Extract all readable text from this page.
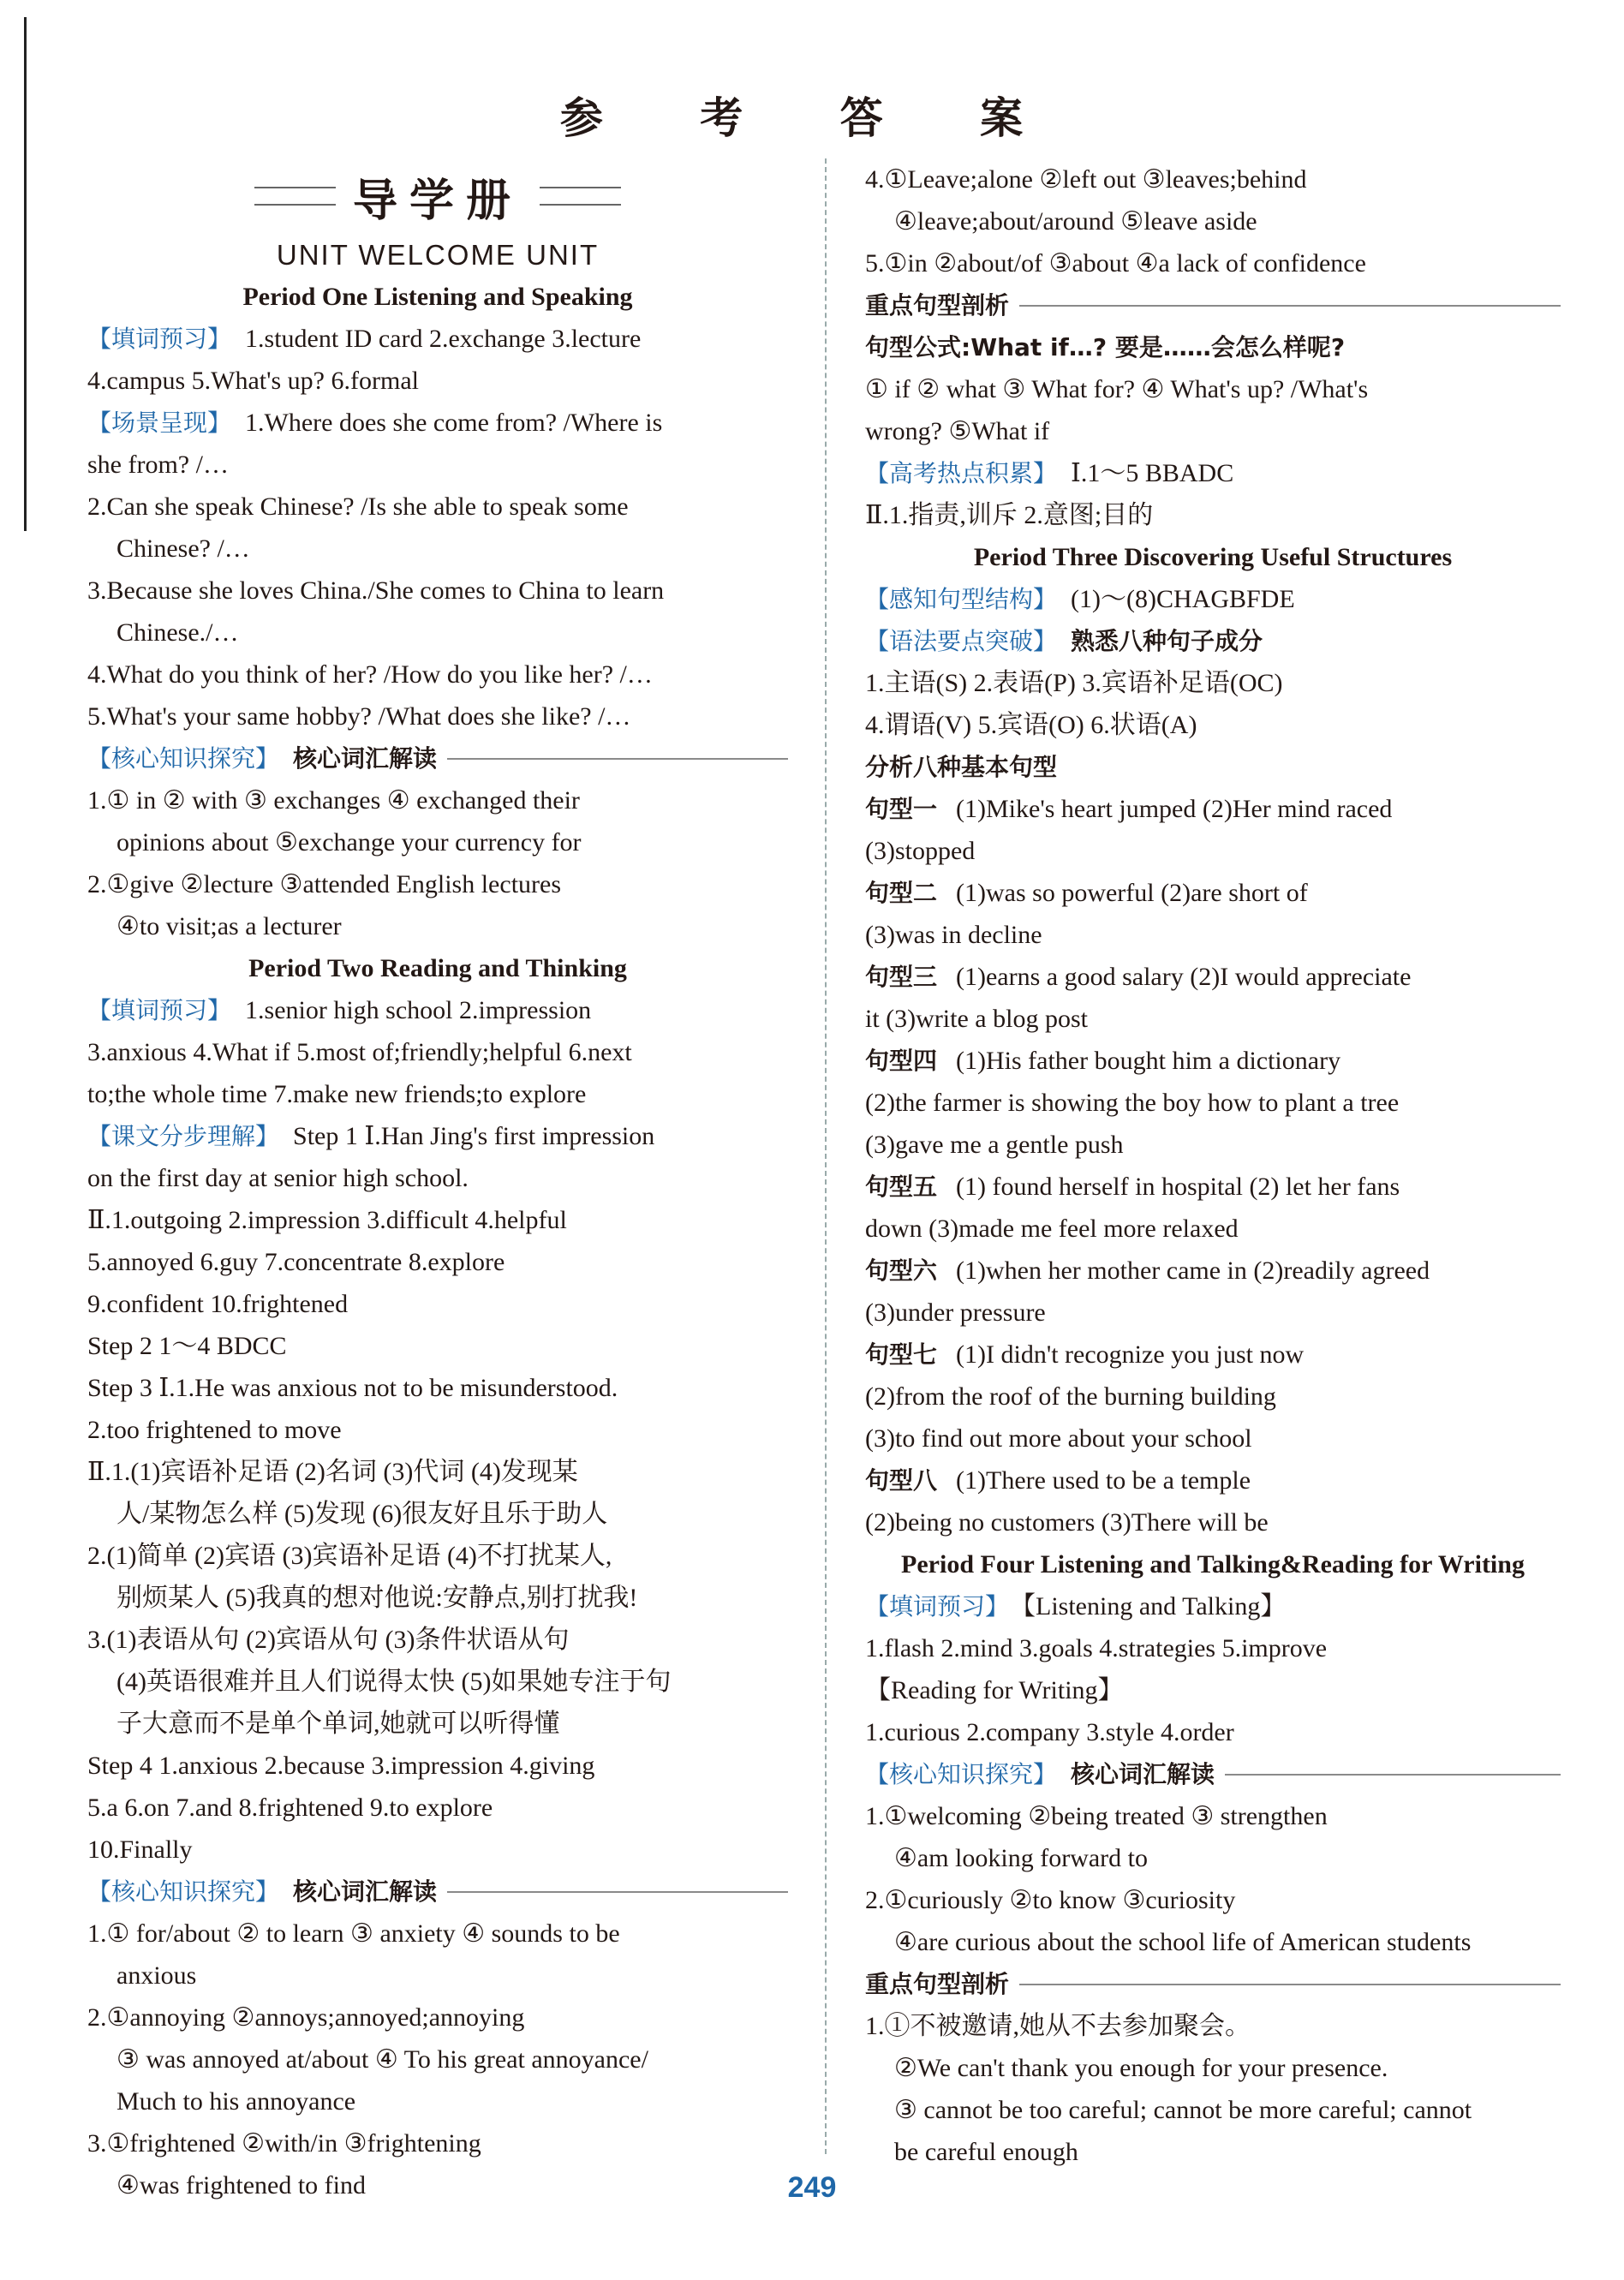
参 考 答 案
导学册
UNIT WELCOME UNIT
Period One Listening and Speaking
【填词预习】 1.student ID card 2.exchange 3.lecture
4.campus 5.What's up? 6.formal
【场景呈现】 1.Where does she come from? /Where is
she from? /…
2.Can she speak Chinese? /Is she able to speak some
Chinese? /…
3.Because she loves China./She comes to China to learn
Chinese./…
4.What do you think of her? /How do you like her? /…
5.What's your same hobby? /What does she like? /…
【核心知识探究】 核心词汇解读
1.① in ② with ③ exchanges ④ exchanged their
opinions about ⑤exchange your currency for
2.①give ②lecture ③attended English lectures
④to visit;as a lecturer
Period Two Reading and Thinking
【填词预习】 1.senior high school 2.impression
3.anxious 4.What if 5.most of;friendly;helpful 6.next
to;the whole time 7.make new friends;to explore
【课文分步理解】 Step 1 Ⅰ.Han Jing's first impression
on the first day at senior high school.
Ⅱ.1.outgoing 2.impression 3.difficult 4.helpful
5.annoyed 6.guy 7.concentrate 8.explore
9.confident 10.frightened
Step 2 1～4 BDCC
Step 3 Ⅰ.1.He was anxious not to be misunderstood.
2.too frightened to move
Ⅱ.1.(1)宾语补足语 (2)名词 (3)代词 (4)发现某
人/某物怎么样 (5)发现 (6)很友好且乐于助人
2.(1)简单 (2)宾语 (3)宾语补足语 (4)不打扰某人,
别烦某人 (5)我真的想对他说:安静点,别打扰我!
3.(1)表语从句 (2)宾语从句 (3)条件状语从句
(4)英语很难并且人们说得太快 (5)如果她专注于句
子大意而不是单个单词,她就可以听得懂
Step 4 1.anxious 2.because 3.impression 4.giving
5.a 6.on 7.and 8.frightened 9.to explore
10.Finally
【核心知识探究】 核心词汇解读
1.① for/about ② to learn ③ anxiety ④ sounds to be
anxious
2.①annoying ②annoys;annoyed;annoying
③ was annoyed at/about ④ To his great annoyance/
Much to his annoyance
3.①frightened ②with/in ③frightening
④was frightened to find
4.①Leave;alone ②left out ③leaves;behind
④leave;about/around ⑤leave aside
5.①in ②about/of ③about ④a lack of confidence
重点句型剖析
句型公式:What if…? 要是……会怎么样呢?
① if ② what ③ What for? ④ What's up? /What's
wrong? ⑤What if
【高考热点积累】 Ⅰ.1～5 BBADC
Ⅱ.1.指责,训斥 2.意图;目的
Period Three Discovering Useful Structures
【感知句型结构】 (1)～(8)CHAGBFDE
【语法要点突破】 熟悉八种句子成分
1.主语(S) 2.表语(P) 3.宾语补足语(OC)
4.谓语(V) 5.宾语(O) 6.状语(A)
分析八种基本句型
句型一 (1)Mike's heart jumped (2)Her mind raced
(3)stopped
句型二 (1)was so powerful (2)are short of
(3)was in decline
句型三 (1)earns a good salary (2)I would appreciate
it (3)write a blog post
句型四 (1)His father bought him a dictionary
(2)the farmer is showing the boy how to plant a tree
(3)gave me a gentle push
句型五 (1) found herself in hospital (2) let her fans
down (3)made me feel more relaxed
句型六 (1)when her mother came in (2)readily agreed
(3)under pressure
句型七 (1)I didn't recognize you just now
(2)from the roof of the burning building
(3)to find out more about your school
句型八 (1)There used to be a temple
(2)being no customers (3)There will be
Period Four Listening and Talking&Reading for Writing
【填词预习】 【Listening and Talking】
1.flash 2.mind 3.goals 4.strategies 5.improve
【Reading for Writing】
1.curious 2.company 3.style 4.order
【核心知识探究】 核心词汇解读
1.①welcoming ②being treated ③ strengthen
④am looking forward to
2.①curiously ②to know ③curiosity
④are curious about the school life of American students
重点句型剖析
1.①不被邀请,她从不去参加聚会。
②We can't thank you enough for your presence.
③ cannot be too careful; cannot be more careful; cannot
be careful enough
249
